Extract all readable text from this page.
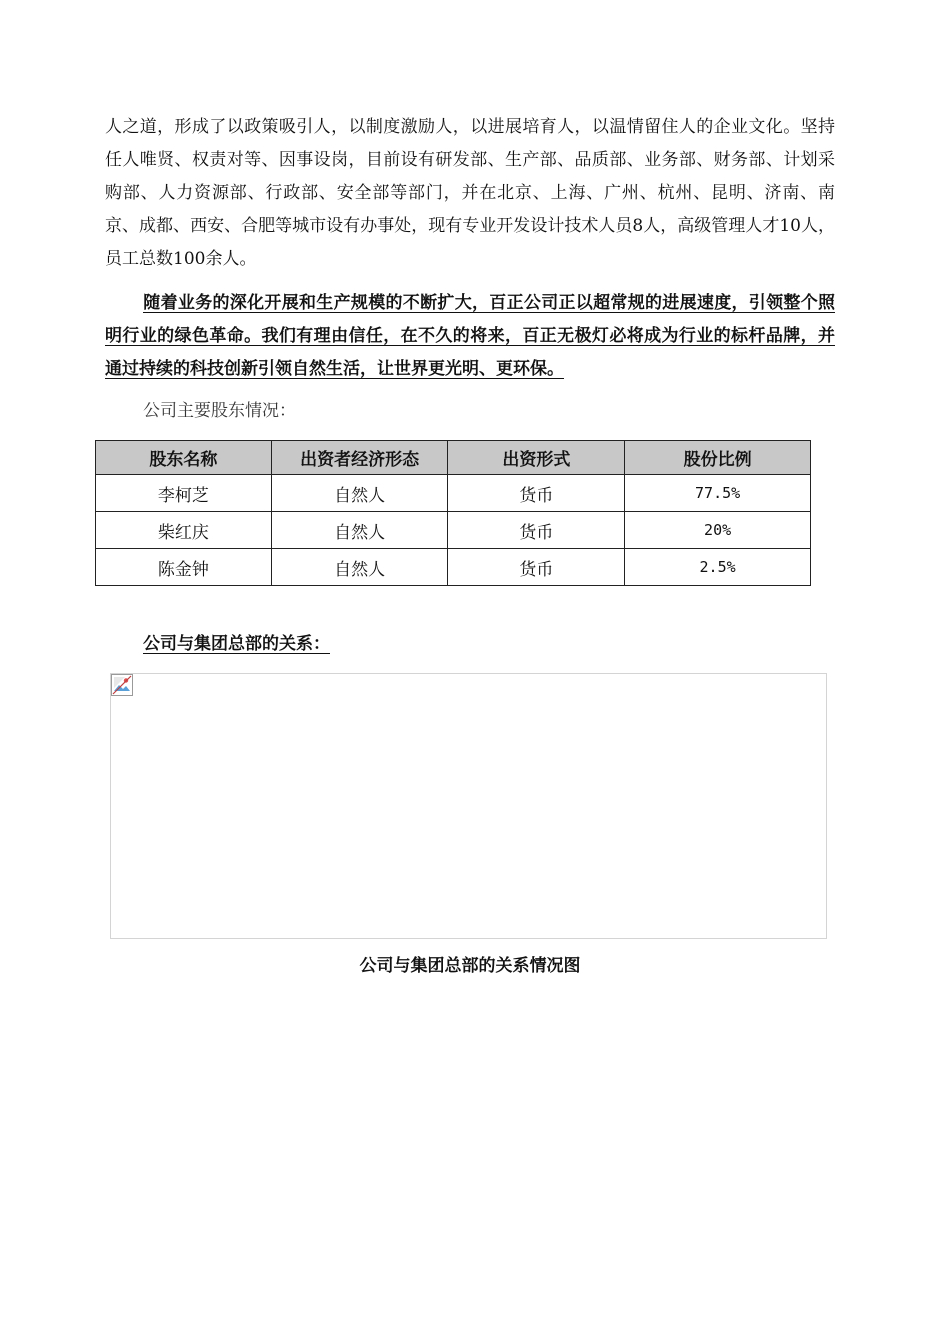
人之道，形成了以政策吸引人，以制度激励人，以进展培育人，以温情留住人的企业文化。坚持任人唯贤、权责对等、因事设岗，目前设有研发部、生产部、品质部、业务部、财务部、计划采购部、人力资源部、行政部、安全部等部门，并在北京、上海、广州、杭州、昆明、济南、南京、成都、西安、合肥等城市设有办事处，现有专业开发设计技术人员8人，高级管理人才10人，员工总数100余人。

随着业务的深化开展和生产规模的不断扩大，百正公司正以超常规的进展速度，引领整个照明行业的绿色革命。我们有理由信任，在不久的将来，百正无极灯必将成为行业的标杆品牌，并通过持续的科技创新引领自然生活，让世界更光明、更环保。

公司主要股东情况：

股东名称	出资者经济形态	出资形式	股份比例
李柯芝	自然人	货币	77.5%
柴红庆	自然人	货币	20%
陈金钟	自然人	货币	2.5%

公司与集团总部的关系：

公司与集团总部的关系情况图
